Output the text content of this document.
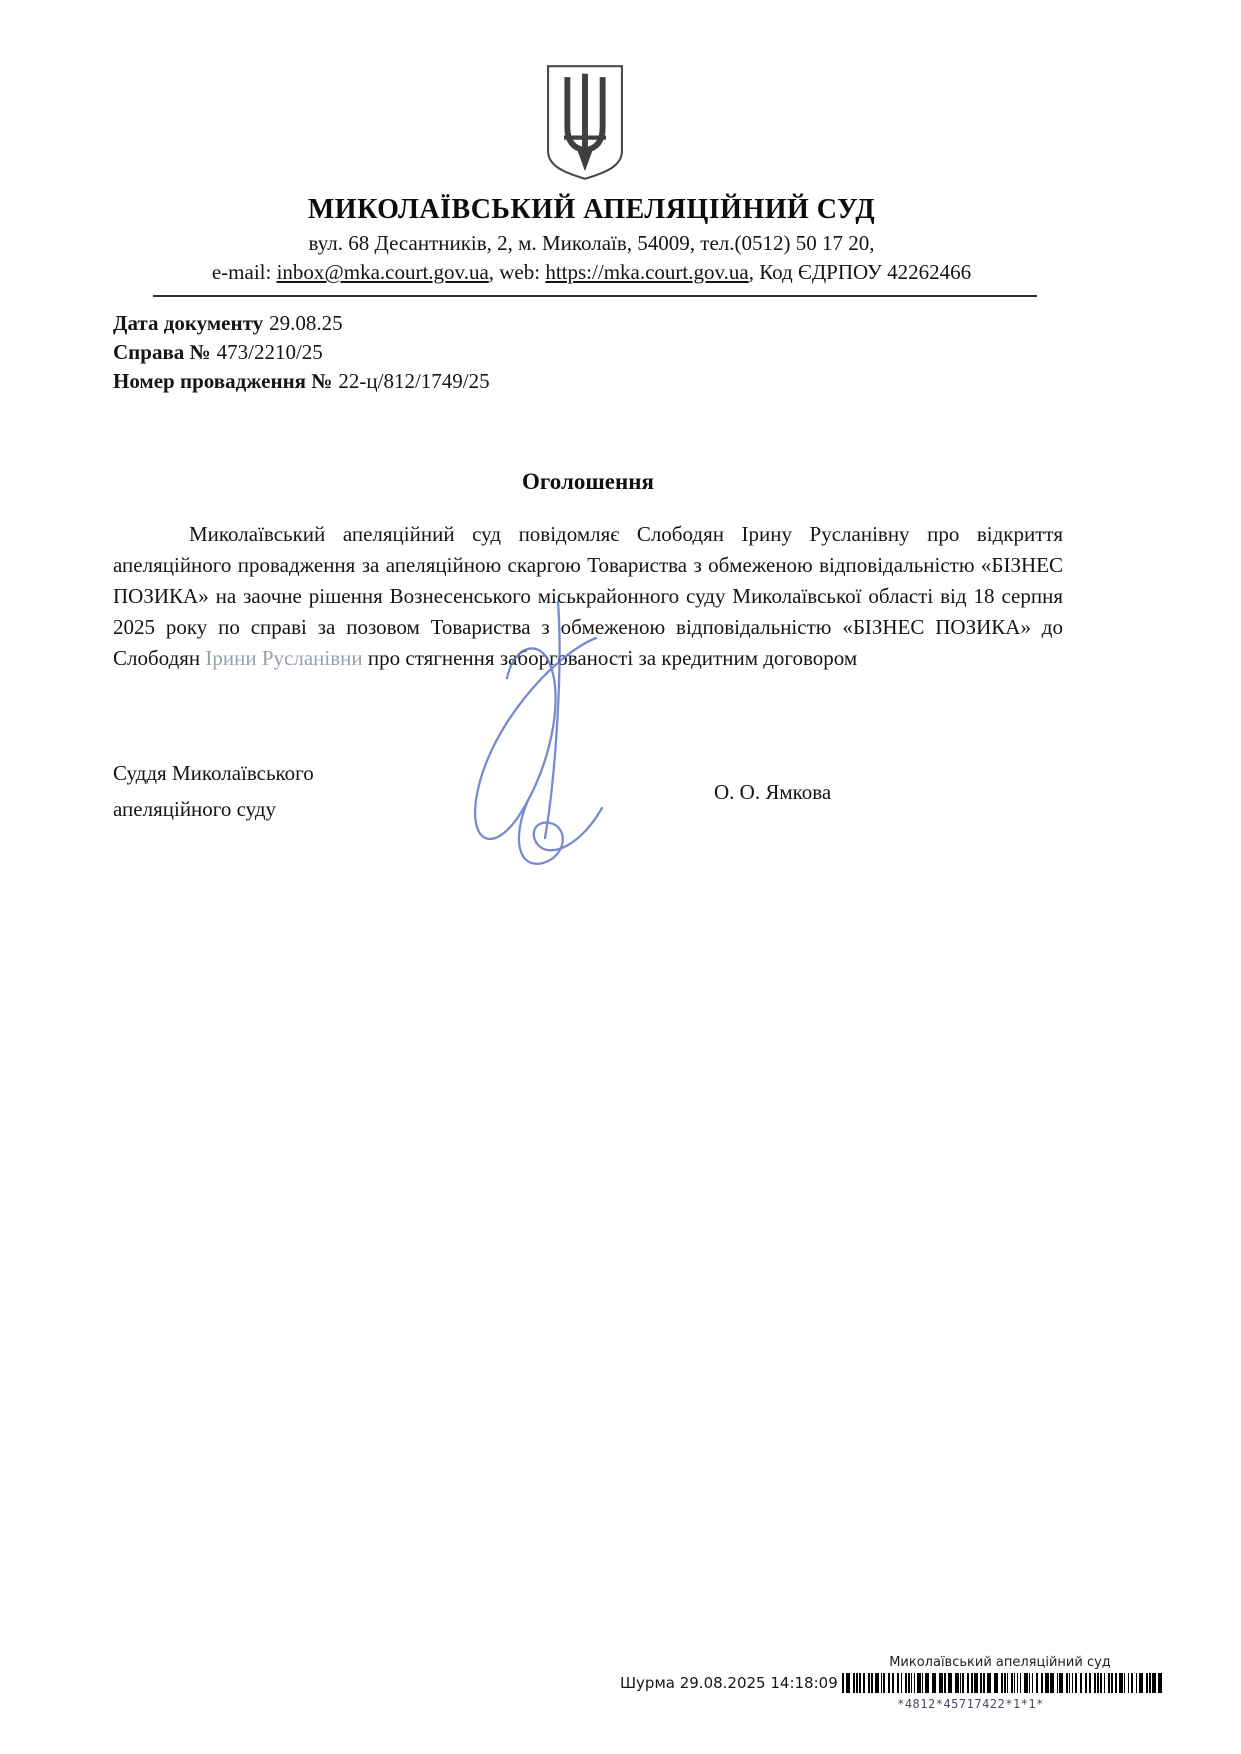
МИКОЛАЇВСЬКИЙ АПЕЛЯЦІЙНИЙ СУД
вул. 68 Десантників, 2, м. Миколаїв, 54009, тел.(0512) 50 17 20,
e-mail: inbox@mka.court.gov.ua, web: https://mka.court.gov.ua, Код ЄДРПОУ 42262466
Дата документу 29.08.25
Справа № 473/2210/25
Номер провадження № 22-ц/812/1749/25
Оголошення

Миколаївський апеляційний суд повідомляє Слободян Ірину Русланівну про відкриття апеляційного провадження за апеляційною скаргою Товариства з обмеженою відповідальністю «БІЗНЕС ПОЗИКА» на заочне рішення Вознесенського міськрайонного суду Миколаївської області від 18 серпня 2025 року по справі за позовом Товариства з обмеженою відповідальністю «БІЗНЕС ПОЗИКА» до Слободян Ірини Русланівни про стягнення заборгованості за кредитним договором

Суддя Миколаївського
апеляційного суду
О. О. Ямкова
Миколаївський апеляційний суд
Шурма 29.08.2025 14:18:09
*4812*45717422*1*1*
